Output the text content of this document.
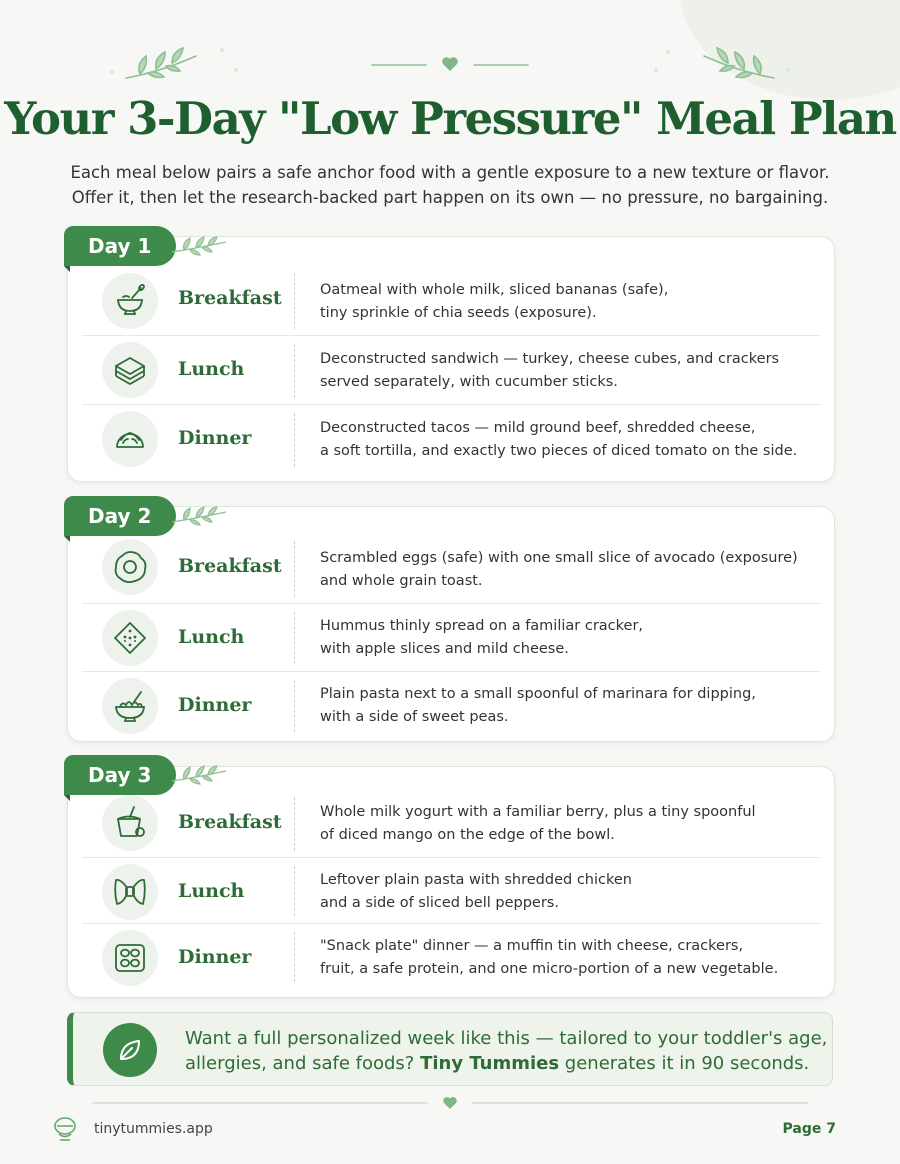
Your 3-Day "Low Pressure" Meal Plan
Each meal below pairs a safe anchor food with a gentle exposure to a new texture or flavor.
Offer it, then let the research-backed part happen on its own — no pressure, no bargaining.
Breakfast	Oatmeal with whole milk, sliced bananas (safe),
tiny sprinkle of chia seeds (exposure).
Lunch	Deconstructed sandwich — turkey, cheese cubes, and crackers
served separately, with cucumber sticks.
Dinner	Deconstructed tacos — mild ground beef, shredded cheese,
a soft tortilla, and exactly two pieces of diced tomato on the side.
Day 1
Breakfast	Scrambled eggs (safe) with one small slice of avocado (exposure)
and whole grain toast.
Lunch	Hummus thinly spread on a familiar cracker,
with apple slices and mild cheese.
Dinner	Plain pasta next to a small spoonful of marinara for dipping,
with a side of sweet peas.
Day 2
Breakfast	Whole milk yogurt with a familiar berry, plus a tiny spoonful
of diced mango on the edge of the bowl.
Lunch	Leftover plain pasta with shredded chicken
and a side of sliced bell peppers.
Dinner	"Snack plate" dinner — a muffin tin with cheese, crackers,
fruit, a safe protein, and one micro-portion of a new vegetable.
Day 3
Want a full personalized week like this — tailored to your toddler's age,
allergies, and safe foods? Tiny Tummies generates it in 90 seconds.
tinytummies.app	Page 7
